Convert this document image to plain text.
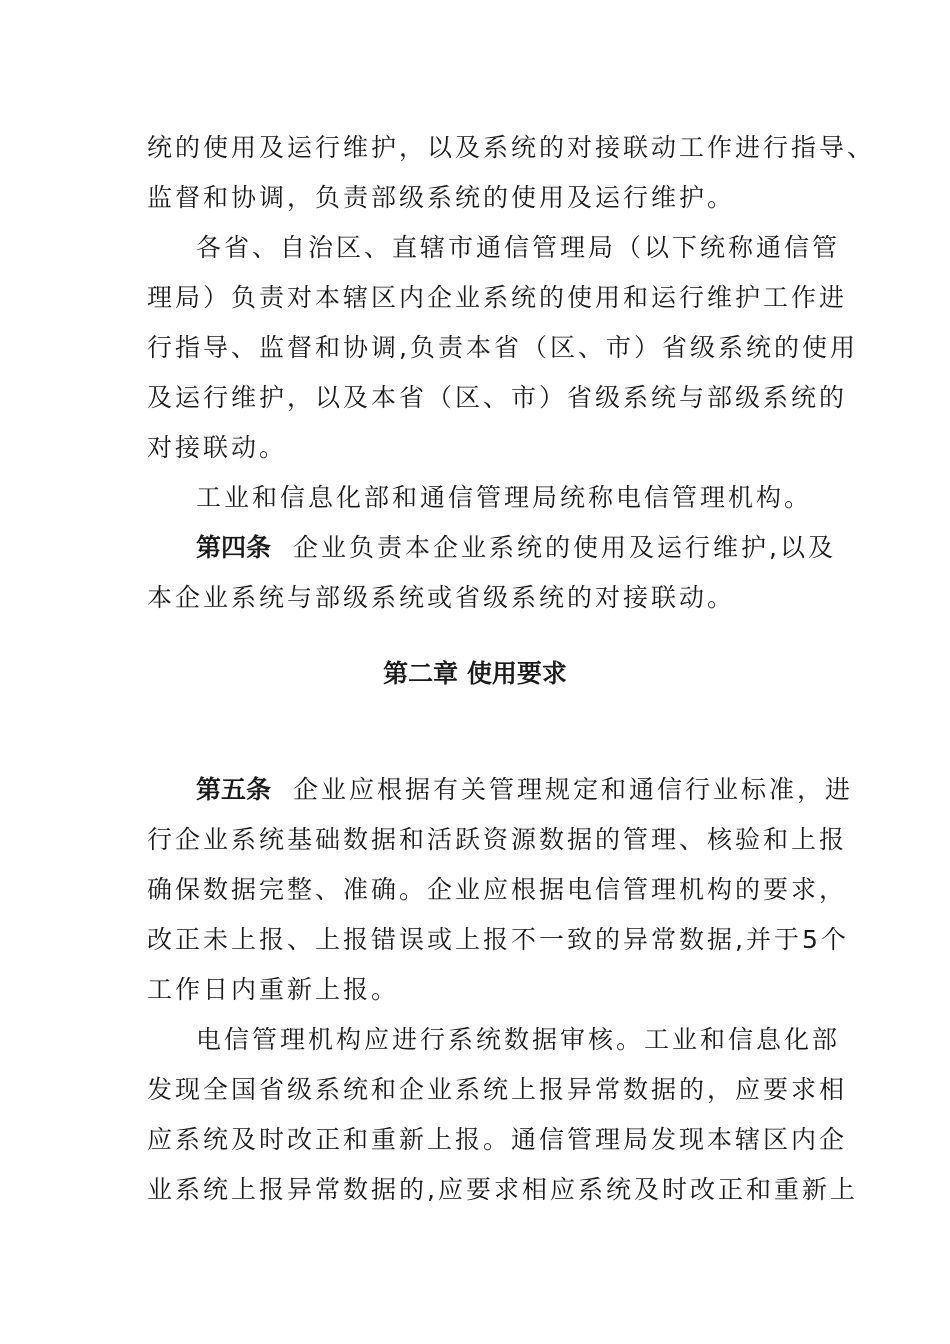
统的使用及运行维护，以及系统的对接联动工作进行指导、
监督和协调，负责部级系统的使用及运行维护。
各省、自治区、直辖市通信管理局（以下统称通信管
理局）负责对本辖区内企业系统的使用和运行维护工作进
行指导、监督和协调,负责本省（区、市）省级系统的使用
及运行维护，以及本省（区、市）省级系统与部级系统的
对接联动。
工业和信息化部和通信管理局统称电信管理机构。
第四条 企业负责本企业系统的使用及运行维护,以及
本企业系统与部级系统或省级系统的对接联动。
第二章 使用要求
第五条 企业应根据有关管理规定和通信行业标准，进
行企业系统基础数据和活跃资源数据的管理、核验和上报
确保数据完整、准确。企业应根据电信管理机构的要求，
改正未上报、上报错误或上报不一致的异常数据,并于5个
工作日内重新上报。
电信管理机构应进行系统数据审核。工业和信息化部
发现全国省级系统和企业系统上报异常数据的，应要求相
应系统及时改正和重新上报。通信管理局发现本辖区内企
业系统上报异常数据的,应要求相应系统及时改正和重新上
